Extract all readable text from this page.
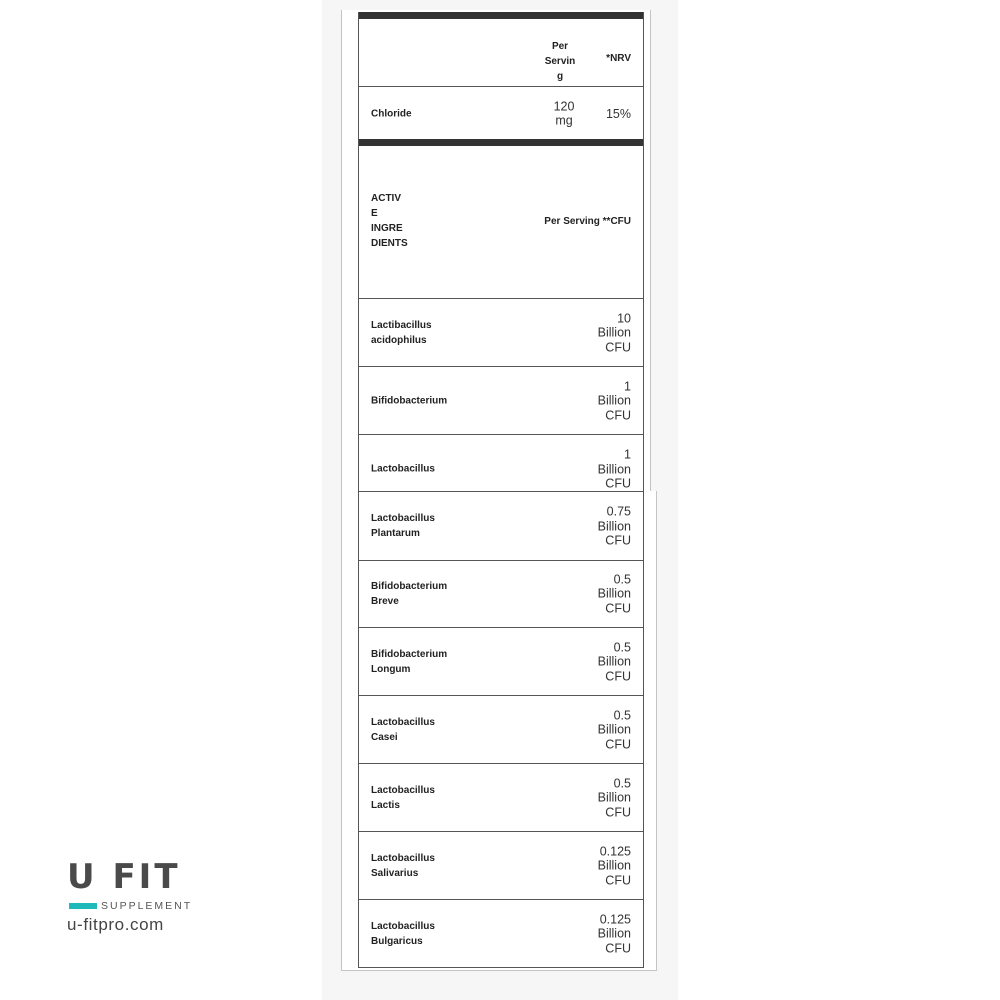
Per
Servin
g
*NRV
Chloride
120
mg
15%
ACTIV
E
INGRE
DIENTS
Per Serving **CFU
Lactibacillus
acidophilus
10
Billion
CFU
Bifidobacterium
1
Billion
CFU
Lactobacillus
1
Billion
CFU
Lactobacillus
Plantarum
0.75
Billion
CFU
Bifidobacterium
Breve
0.5
Billion
CFU
Bifidobacterium
Longum
0.5
Billion
CFU
Lactobacillus
Casei
0.5
Billion
CFU
Lactobacillus
Lactis
0.5
Billion
CFU
Lactobacillus
Salivarius
0.125
Billion
CFU
Lactobacillus
Bulgaricus
0.125
Billion
CFU
U FIT
SUPPLEMENT
u-fitpro.com
